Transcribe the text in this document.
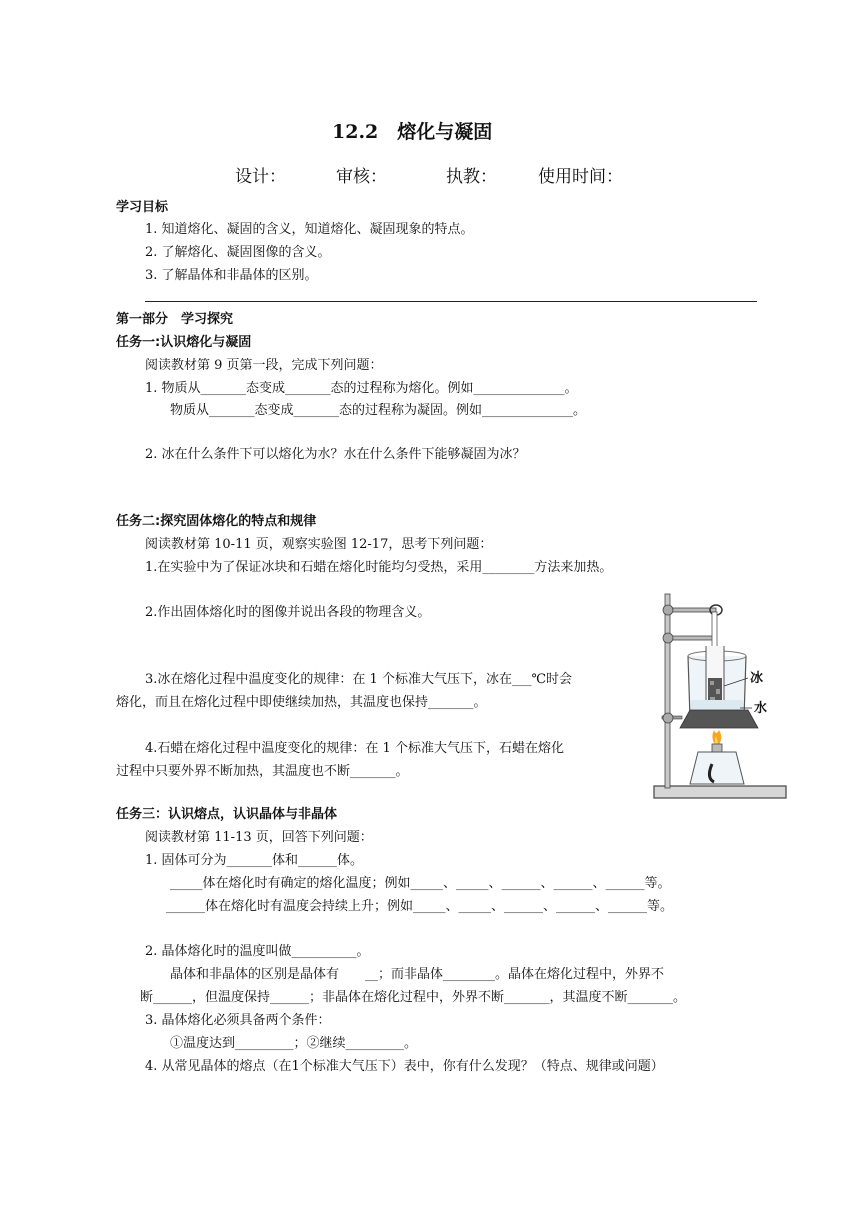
12.2　熔化与凝固
设计：	审核：	执教： 使用时间：
学习目标
1. 知道熔化、凝固的含义，知道熔化、凝固现象的特点。
2. 了解熔化、凝固图像的含义。
3. 了解晶体和非晶体的区别。
第一部分　学习探究
任务一:认识熔化与凝固
阅读教材第 9 页第一段，完成下列问题：
1. 物质从_______态变成_______态的过程称为熔化。例如______________。
物质从_______态变成_______态的过程称为凝固。例如______________。
2. 冰在什么条件下可以熔化为水？水在什么条件下能够凝固为冰？
任务二:探究固体熔化的特点和规律
阅读教材第 10-11 页，观察实验图 12-17，思考下列问题：
1.在实验中为了保证冰块和石蜡在熔化时能均匀受热，采用________方法来加热。
2.作出固体熔化时的图像并说出各段的物理含义。
3.冰在熔化过程中温度变化的规律：在 1 个标准大气压下，冰在___℃时会
熔化，而且在熔化过程中即使继续加热，其温度也保持_______。
4.石蜡在熔化过程中温度变化的规律：在 1 个标准大气压下，石蜡在熔化
过程中只要外界不断加热，其温度也不断_______。
冰
水
任务三：认识熔点，认识晶体与非晶体
阅读教材第 11-13 页，回答下列问题：
1. 固体可分为_______体和______体。
_____体在熔化时有确定的熔化温度；例如_____、_____、______、______、______等。
______体在熔化时有温度会持续上升；例如_____、_____、______、______、______等。
2. 晶体熔化时的温度叫做__________。
晶体和非晶体的区别是晶体有　　__；而非晶体________。晶体在熔化过程中，外界不
断______，但温度保持______；非晶体在熔化过程中，外界不断_______，其温度不断_______。
3. 晶体熔化必须具备两个条件：
①温度达到_________；②继续_________。
4. 从常见晶体的熔点（在1个标准大气压下）表中，你有什么发现？（特点、规律或问题）
